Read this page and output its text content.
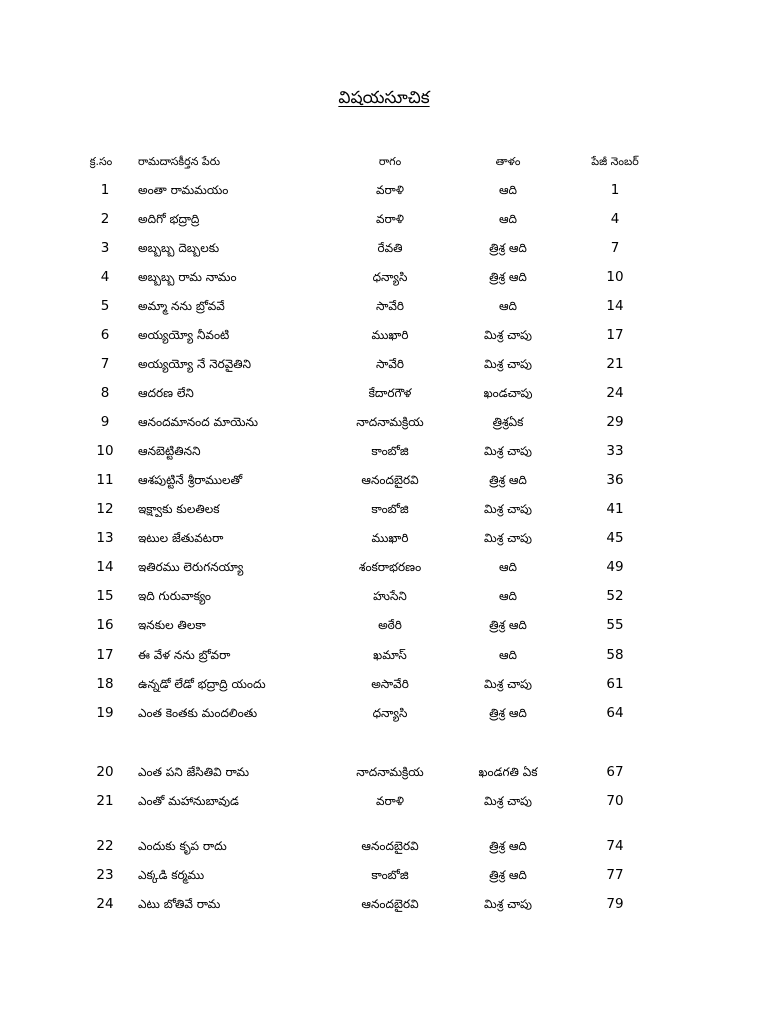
విషయసూచిక
క్ర.సం	రామదాసకీర్తన పేరు	రాగం	తాళం	పేజీ నెంబర్
1	అంతా రామమయం	వరాళి	ఆది	1
2	అదిగో భద్రాద్రి	వరాళి	ఆది	4
3	అబ్బబ్బ దెబ్బలకు	రేవతి	త్రిశ్ర ఆది	7
4	అబ్బబ్బ రామ నామం	ధన్యాసి	త్రిశ్ర ఆది	10
5	అమ్మా నను బ్రోవవే	సావేరి	ఆది	14
6	అయ్యయ్యో నీవంటి	ముఖారి	మిశ్ర చాపు	17
7	అయ్యయ్యో నే నెరవైతిని	సావేరి	మిశ్ర చాపు	21
8	ఆదరణ లేని	కేదారగౌళ	ఖండచాపు	24
9	ఆనందమానంద మాయెను	నాదనామక్రియ	త్రిశ్రఏక	29
10	ఆనబెట్టితినని	కాంబోజి	మిశ్ర చాపు	33
11	ఆశపుట్టినే శ్రీరాములతో	ఆనందబైరవి	త్రిశ్ర ఆది	36
12	ఇక్ష్వాకు కులతిలక	కాంబోజి	మిశ్ర చాపు	41
13	ఇటుల జేతువటరా	ముఖారి	మిశ్ర చాపు	45
14	ఇతిరము లెరుగనయ్యా	శంకరాభరణం	ఆది	49
15	ఇది గురువాక్యం	హుసేని	ఆది	52
16	ఇనకుల తిలకా	అఠేరి	త్రిశ్ర ఆది	55
17	ఈ వేళ నను బ్రోవరా	ఖమాస్	ఆది	58
18	ఉన్నడో లేడో భద్రాద్రి యందు	అసావేరి	మిశ్ర చాపు	61
19	ఎంత కెంతకు మందలింతు	ధన్యాసి	త్రిశ్ర ఆది	64
20	ఎంత పని జేసితివి రామ	నాదనామక్రియ	ఖండగతి ఏక	67
21	ఎంతో మహానుబావుడ	వరాళి	మిశ్ర చాపు	70
22	ఎందుకు కృప రాదు	ఆనందబైరవి	త్రిశ్ర ఆది	74
23	ఎక్కడి కర్మము	కాంబోజి	త్రిశ్ర ఆది	77
24	ఎటు బోతివే రామ	ఆనందబైరవి	మిశ్ర చాపు	79
